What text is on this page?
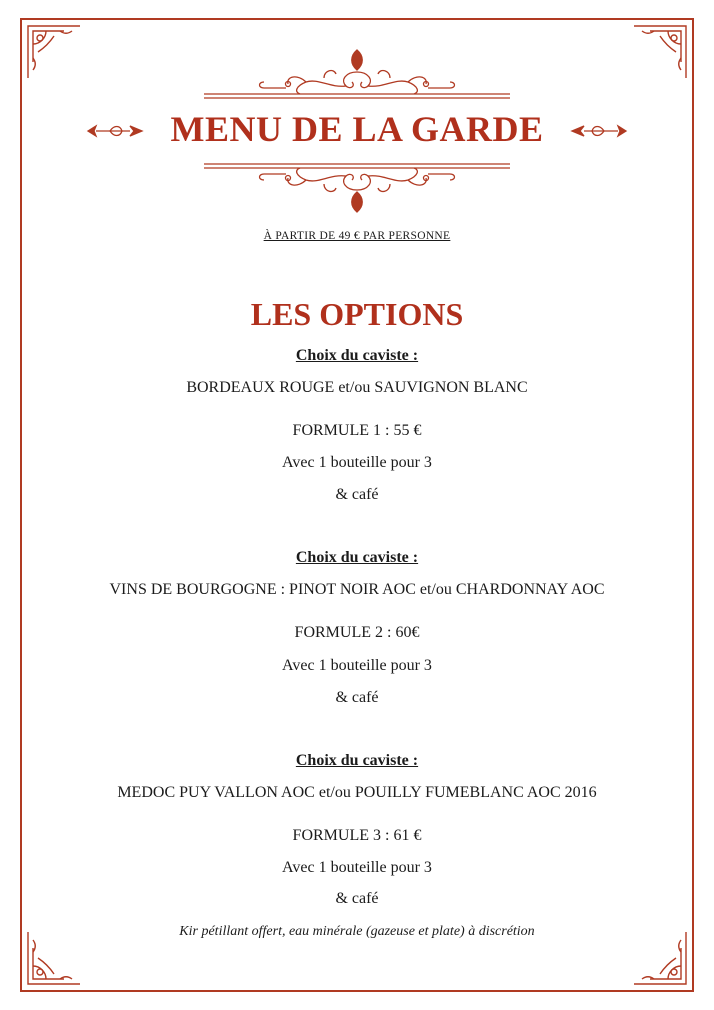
MENU DE LA GARDE
À PARTIR DE 49 € PAR PERSONNE
LES OPTIONS
Choix du caviste :
BORDEAUX ROUGE et/ou SAUVIGNON BLANC
FORMULE 1 : 55 €
Avec 1 bouteille pour 3
& café
Choix du caviste :
VINS DE BOURGOGNE : PINOT NOIR AOC et/ou CHARDONNAY AOC
FORMULE 2 : 60€
Avec 1 bouteille pour 3
& café
Choix du caviste :
MEDOC PUY VALLON AOC et/ou POUILLY FUMEBLANC AOC 2016
FORMULE 3 : 61 €
Avec 1 bouteille pour 3
& café
Kir pétillant offert, eau minérale (gazeuse et plate) à discrétion
